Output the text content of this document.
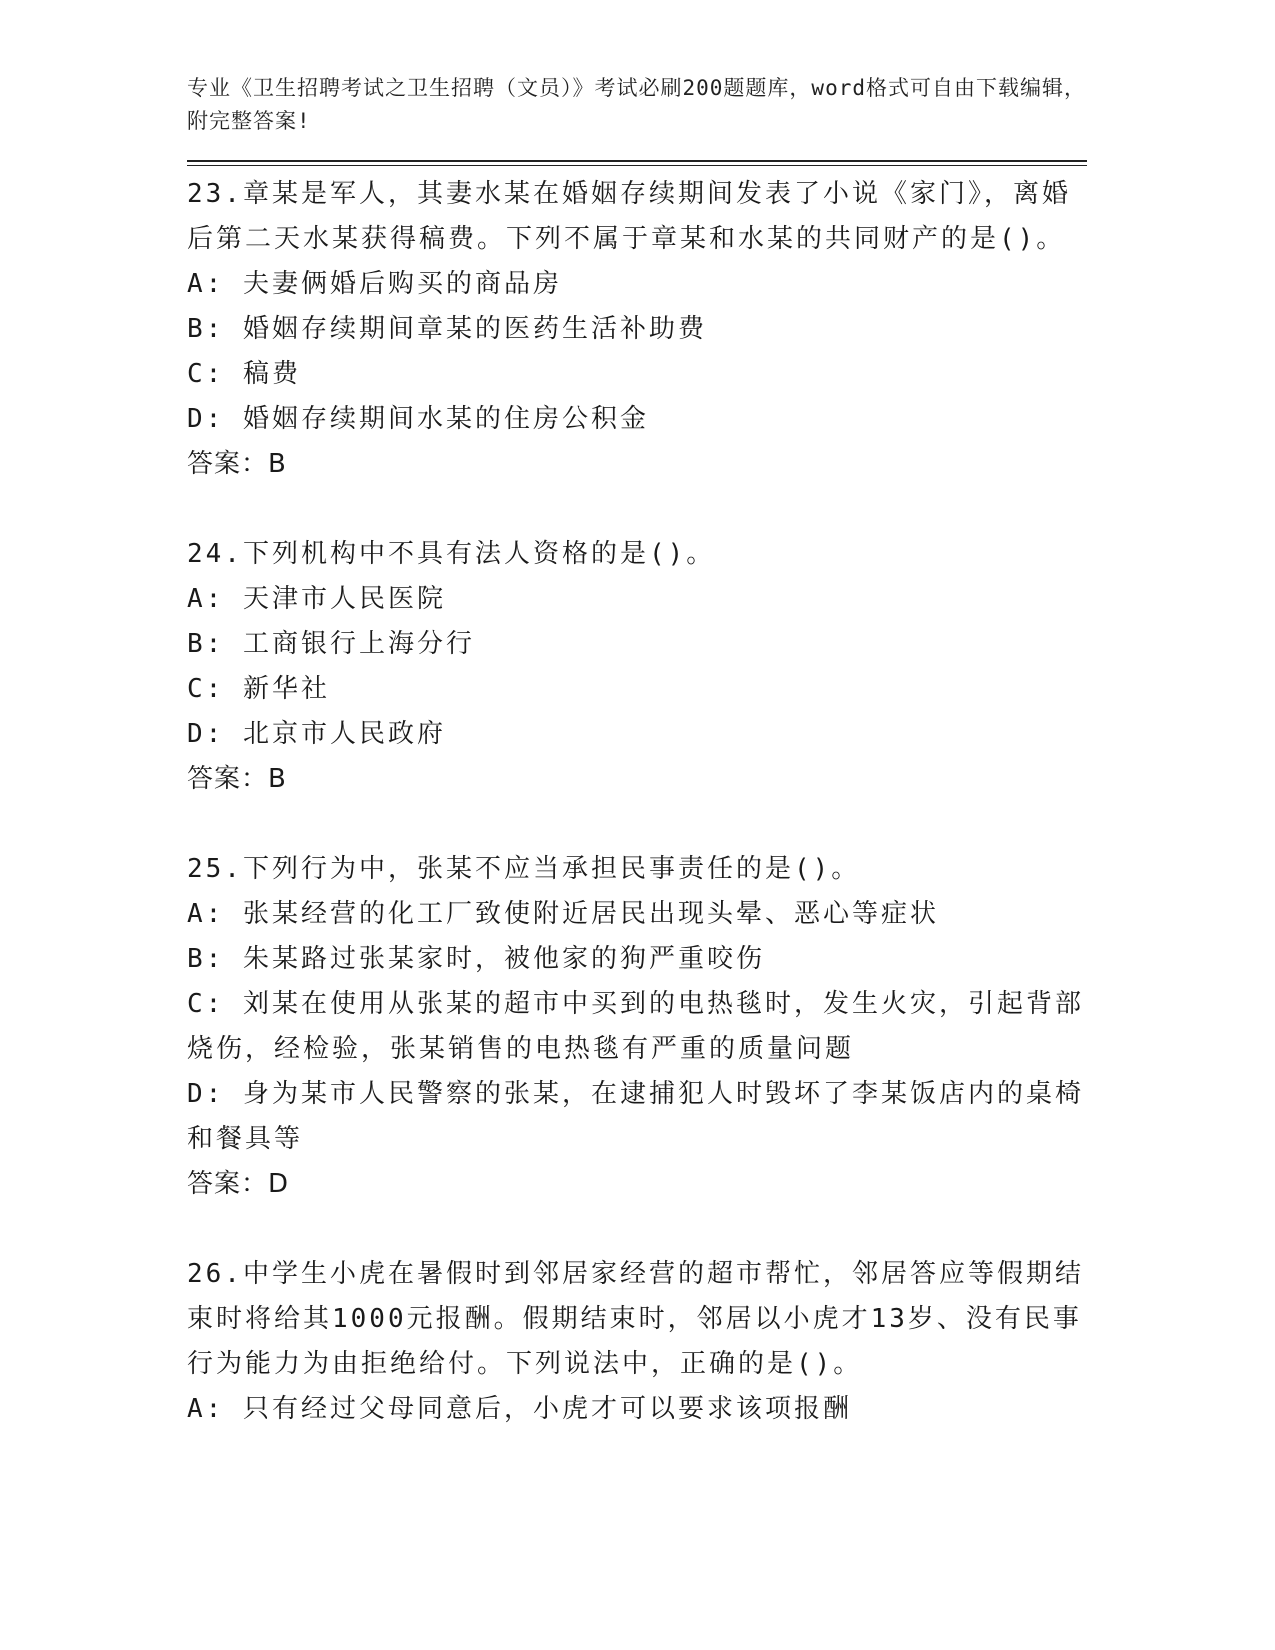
专业《卫生招聘考试之卫生招聘（文员）》考试必刷200题题库，word格式可自由下载编辑，附完整答案!
23.章某是军人，其妻水某在婚姻存续期间发表了小说《家门》，离婚后第二天水某获得稿费。下列不属于章某和水某的共同财产的是()。
A: 夫妻俩婚后购买的商品房
B: 婚姻存续期间章某的医药生活补助费
C: 稿费
D: 婚姻存续期间水某的住房公积金
答案：B
24.下列机构中不具有法人资格的是()。
A: 天津市人民医院
B: 工商银行上海分行
C: 新华社
D: 北京市人民政府
答案：B
25.下列行为中，张某不应当承担民事责任的是()。
A: 张某经营的化工厂致使附近居民出现头晕、恶心等症状
B: 朱某路过张某家时，被他家的狗严重咬伤
C: 刘某在使用从张某的超市中买到的电热毯时，发生火灾，引起背部烧伤，经检验，张某销售的电热毯有严重的质量问题
D: 身为某市人民警察的张某，在逮捕犯人时毁坏了李某饭店内的桌椅和餐具等
答案：D
26.中学生小虎在暑假时到邻居家经营的超市帮忙，邻居答应等假期结束时将给其1000元报酬。假期结束时，邻居以小虎才13岁、没有民事行为能力为由拒绝给付。下列说法中，正确的是()。
A: 只有经过父母同意后，小虎才可以要求该项报酬
